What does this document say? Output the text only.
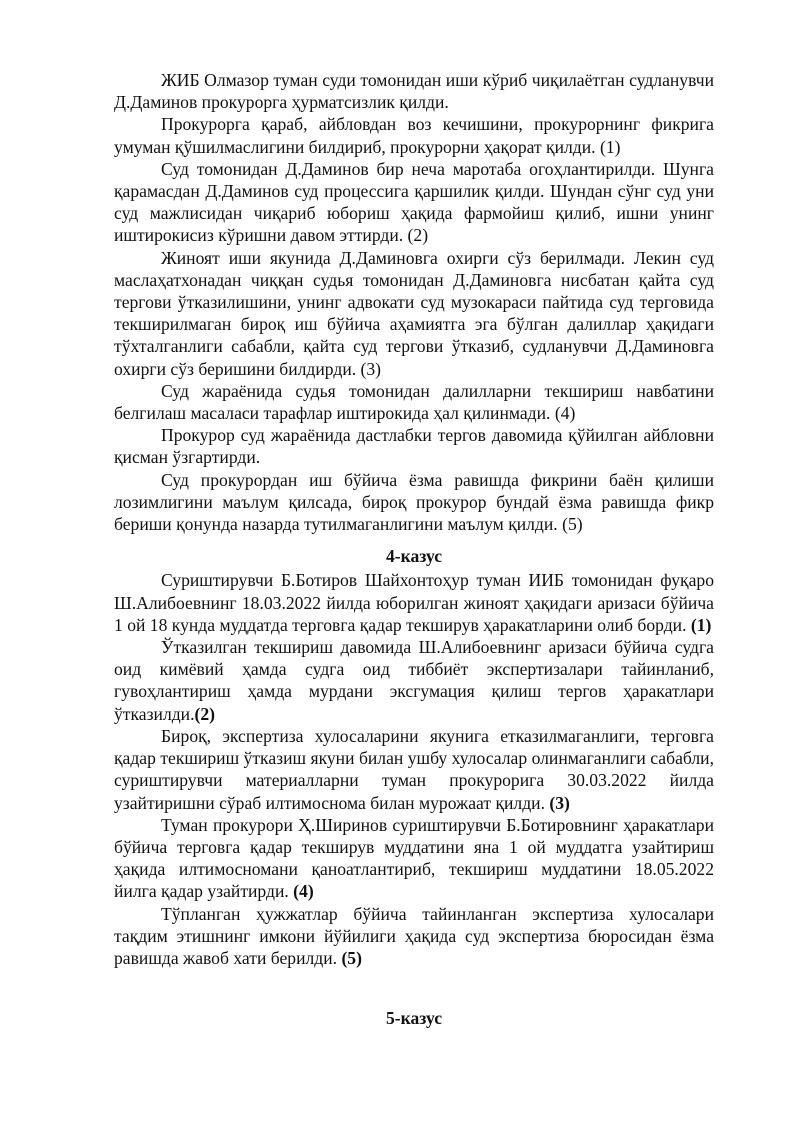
ЖИБ Олмазор туман суди томонидан иши кўриб чиқилаётган судланувчи Д.Даминов прокурорга ҳурматсизлик қилди.

Прокурорга қараб, айбловдан воз кечишини, прокурорнинг фикрига умуман қўшилмаслигини билдириб, прокурорни ҳақорат қилди. (1)

Суд томонидан Д.Даминов бир неча маротаба огоҳлантирилди. Шунга қарамасдан Д.Даминов суд процессига қаршилик қилди. Шундан сўнг суд уни суд мажлисидан чиқариб юбориш ҳақида фармойиш қилиб, ишни унинг иштирокисиз кўришни давом эттирди. (2)

Жиноят иши якунида Д.Даминовга охирги сўз берилмади. Лекин суд маслаҳатхонадан чиққан судья томонидан Д.Даминовга нисбатан қайта суд тергови ўтказилишини, унинг адвокати суд музокараси пайтида суд терговида текширилмаган бироқ иш бўйича аҳамиятга эга бўлган далиллар ҳақидаги тўхталганлиги сабабли, қайта суд тергови ўтказиб, судланувчи Д.Даминовга охирги сўз беришини билдирди. (3)

Суд жараёнида судья томонидан далилларни текшириш навбатини белгилаш масаласи тарафлар иштирокида ҳал қилинмади. (4)

Прокурор суд жараёнида дастлабки тергов давомида қўйилган айбловни қисман ўзгартирди.

Суд прокурордан иш бўйича ёзма равишда фикрини баён қилиши лозимлигини маълум қилсада, бироқ прокурор бундай ёзма равишда фикр бериши қонунда назарда тутилмаганлигини маълум қилди. (5)

4-казус

Суриштирувчи Б.Ботиров Шайхонтоҳур туман ИИБ томонидан фуқаро Ш.Алибоевнинг 18.03.2022 йилда юборилган жиноят ҳақидаги аризаси бўйича 1 ой 18 кунда муддатда терговга қадар текширув ҳаракатларини олиб борди. (1)

Ўтказилган текшириш давомида Ш.Алибоевнинг аризаси бўйича судга оид кимёвий ҳамда судга оид тиббиёт экспертизалари тайинланиб, гувоҳлантириш ҳамда мурдани эксгумация қилиш тергов ҳаракатлари ўтказилди.(2)

Бироқ, экспертиза хулосаларини якунига етказилмаганлиги, терговга қадар текшириш ўтказиш якуни билан ушбу хулосалар олинмаганлиги сабабли, суриштирувчи материалларни туман прокурорига 30.03.2022 йилда узайтиришни сўраб илтимоснома билан мурожаат қилди. (3)

Туман прокурори Ҳ.Ширинов суриштирувчи Б.Ботировнинг ҳаракатлари бўйича терговга қадар текширув муддатини яна 1 ой муддатга узайтириш ҳақида илтимосномани қаноатлантириб, текшириш муддатини 18.05.2022 йилга қадар узайтирди. (4)

Тўпланган ҳужжатлар бўйича тайинланган экспертиза хулосалари тақдим этишнинг имкони йўйилиги ҳақида суд экспертиза бюросидан ёзма равишда жавоб хати берилди. (5)

5-казус
